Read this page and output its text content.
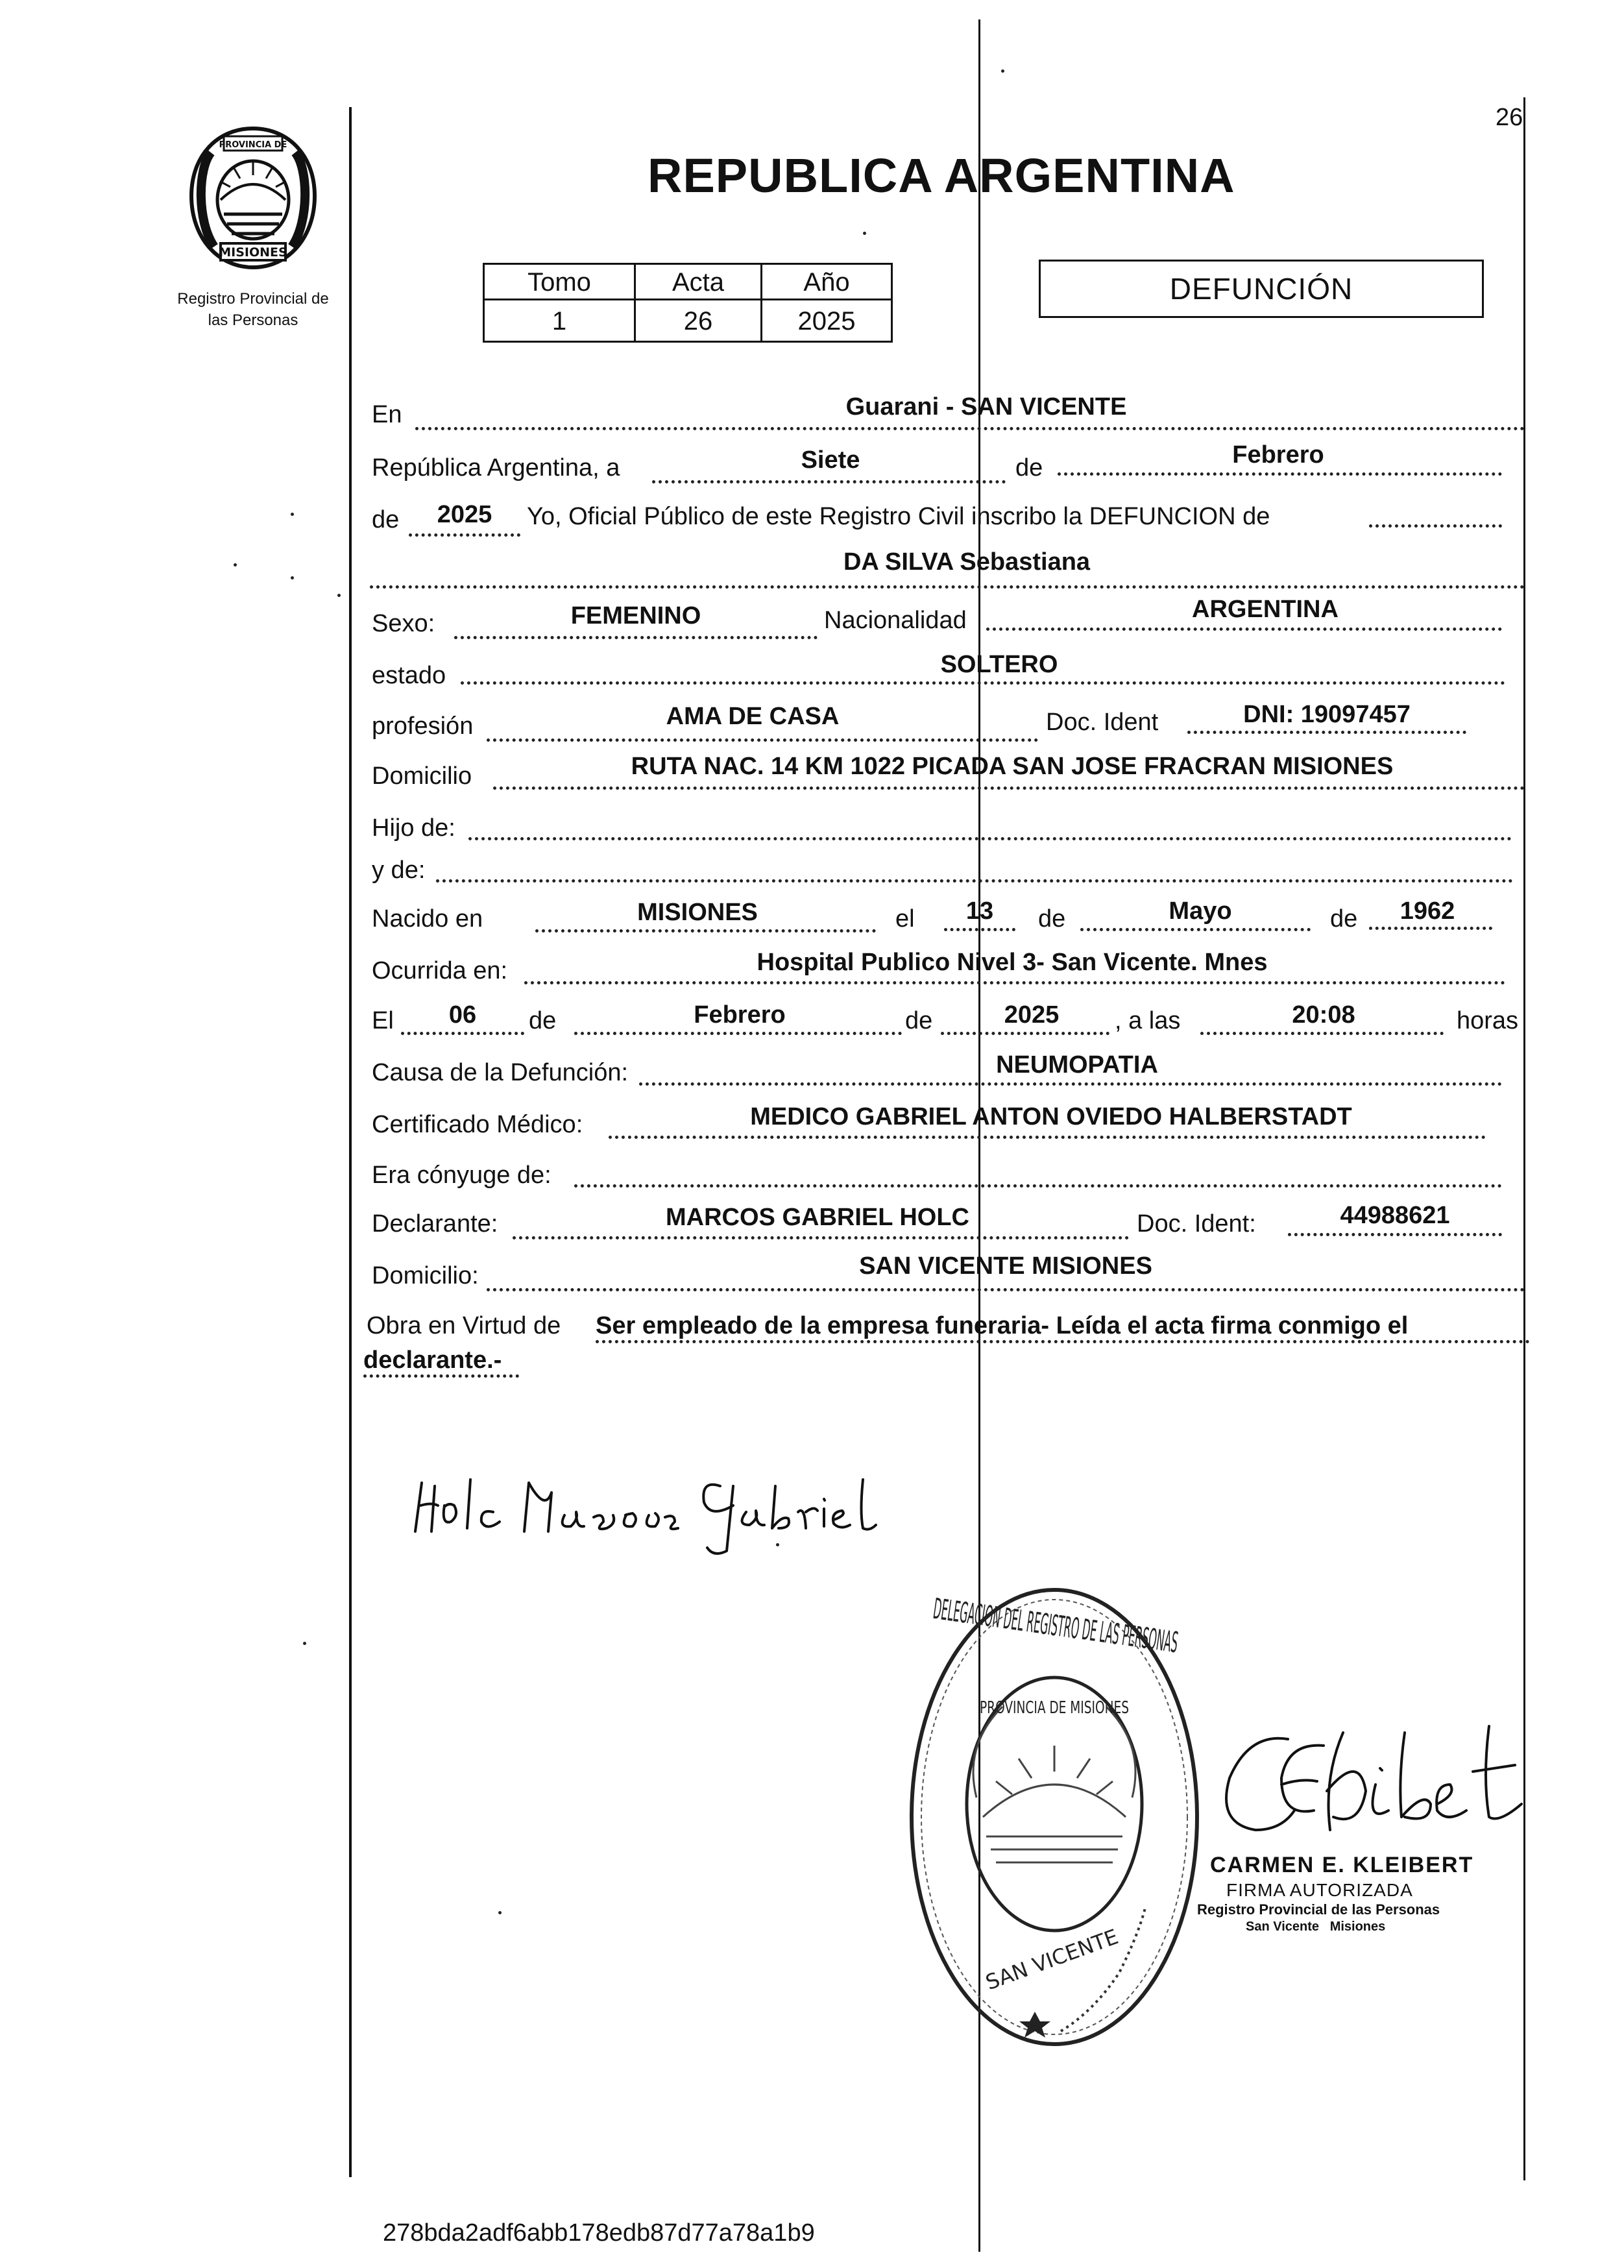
26
MISIONES
PROVINCIA DE
Registro Provincial de
las Personas
REPUBLICA ARGENTINA
Tomo	Acta	Año
1	26	2025
DEFUNCIÓN
En	Guarani - SAN VICENTE
República Argentina, a	Siete	de	Febrero
de	2025	Yo, Oficial Público de este Registro Civil inscribo la DEFUNCION de
DA SILVA Sebastiana
Sexo:	FEMENINO	Nacionalidad	ARGENTINA
estado	SOLTERO
profesión	AMA DE CASA	Doc. Ident	DNI: 19097457
Domicilio	RUTA NAC. 14 KM 1022 PICADA SAN JOSE FRACRAN MISIONES
Hijo de:
y de:
Nacido en	MISIONES	el	13	de	Mayo	de	1962
Ocurrida en:	Hospital Publico Nivel 3- San Vicente. Mnes
El	06	de	Febrero	de	2025	, a las	20:08	horas
Causa de la Defunción:	NEUMOPATIA
Certificado Médico:	MEDICO GABRIEL ANTON OVIEDO HALBERSTADT
Era cónyuge de:
Declarante:	MARCOS GABRIEL HOLC	Doc. Ident:	44988621
Domicilio:	SAN VICENTE MISIONES
Obra en Virtud de Ser empleado de la empresa funeraria- Leída el acta firma conmigo el
declarante.-
DELEGACION DEL REGISTRO
PROVINCIA DE MISIONES
SAN VICENTE
CARMEN E. KLEIBERT
FIRMA AUTORIZADA
Registro Provincial de las Personas
San Vicente   Misiones
278bda2adf6abb178edb87d77a78a1b9
